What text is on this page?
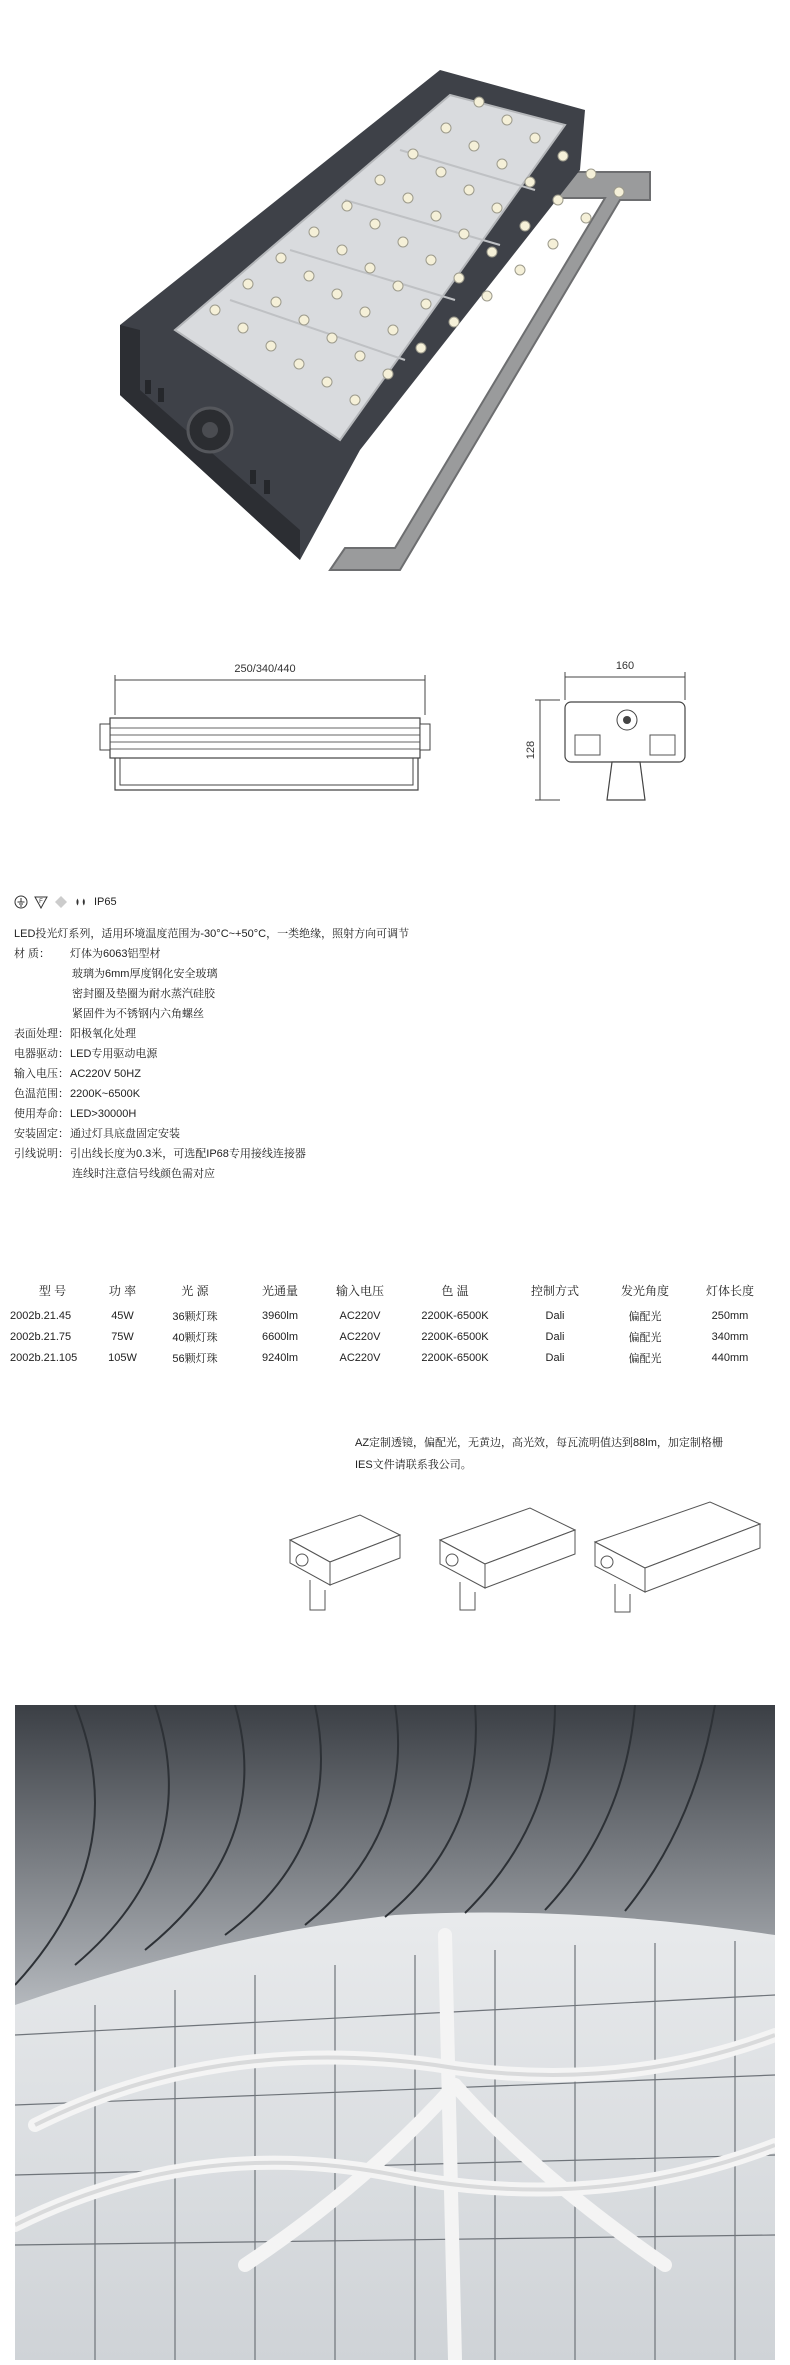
250/340/440	160
128
F	IP65
LED投光灯系列，适用环境温度范围为-30°C~+50°C，一类绝缘，照射方向可调节
材 质：	灯体为6063铝型材
玻璃为6mm厚度钢化安全玻璃
密封圈及垫圈为耐水蒸汽硅胶
紧固件为不锈钢内六角螺丝
表面处理： 阳极氧化处理
电器驱动： LED专用驱动电源
输入电压： AC220V 50HZ
色温范围： 2200K~6500K
使用寿命： LED>30000H
安装固定： 通过灯具底盘固定安装
引线说明： 引出线长度为0.3米，可选配IP68专用接线连接器
连线时注意信号线颜色需对应
型 号	功 率	光 源	光通量	输入电压	色 温	控制方式	发光角度	灯体长度
2002b.21.45	45W	36颗灯珠	3960lm	AC220V	2200K-6500K	Dali	偏配光	250mm
2002b.21.75	75W	40颗灯珠	6600lm	AC220V	2200K-6500K	Dali	偏配光	340mm
2002b.21.105	105W	56颗灯珠	9240lm	AC220V	2200K-6500K	Dali	偏配光	440mm
AZ定制透镜，偏配光，无黄边，高光效，每瓦流明值达到88lm，加定制格栅
IES文件请联系我公司。
